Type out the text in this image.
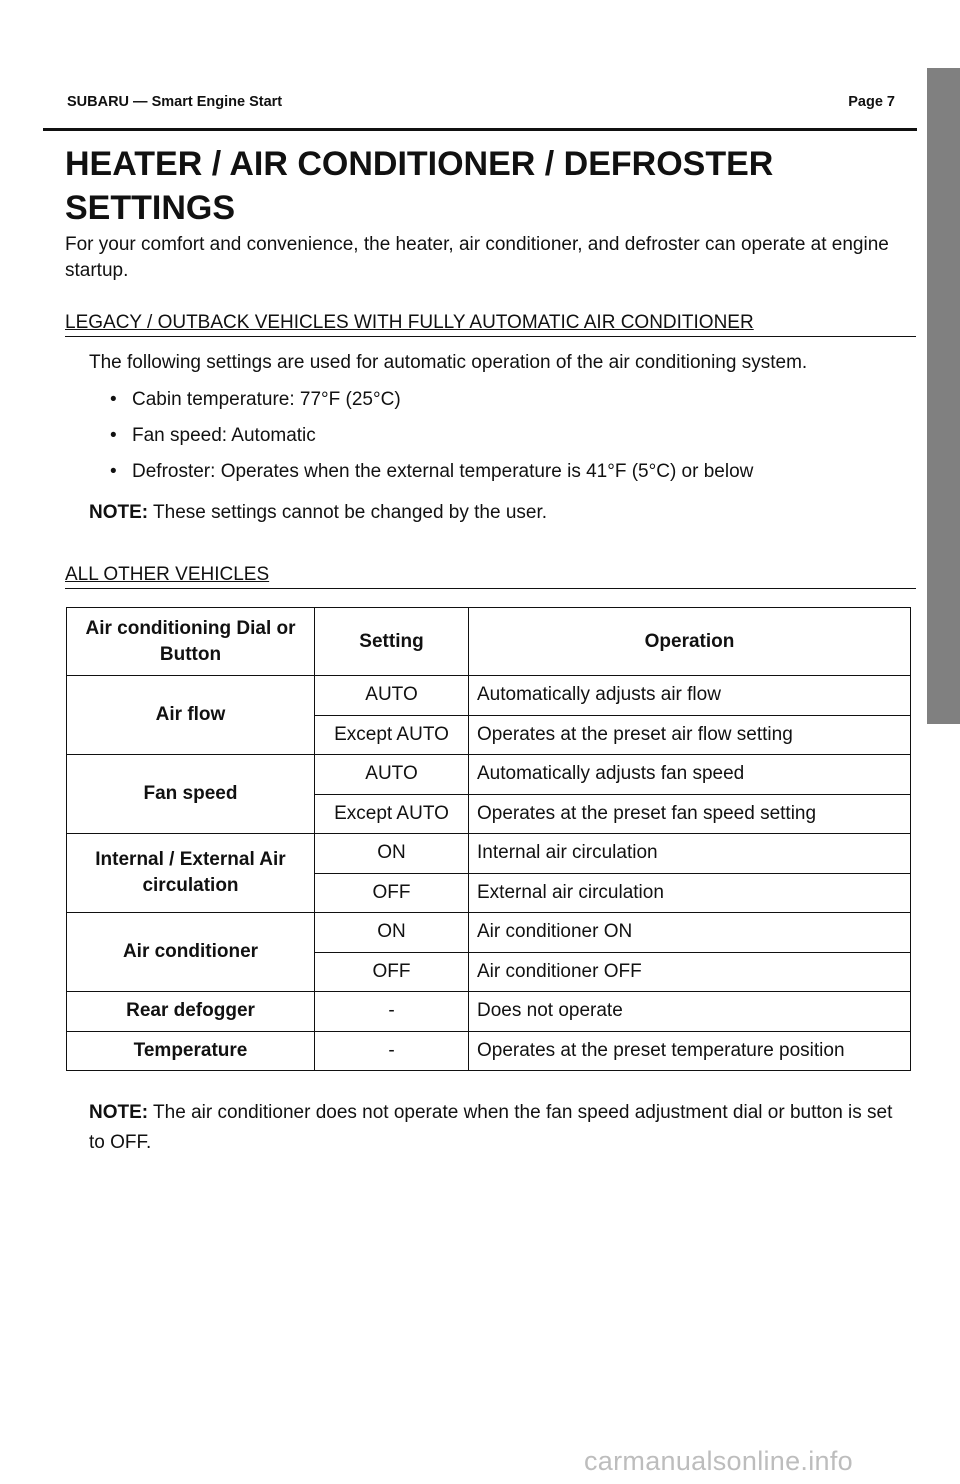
SUBARU — Smart Engine Start	Page 7
HEATER / AIR CONDITIONER / DEFROSTER SETTINGS

For your comfort and convenience, the heater, air conditioner, and defroster can operate at engine startup.

LEGACY / OUTBACK VEHICLES WITH FULLY AUTOMATIC AIR CONDITIONER

The following settings are used for automatic operation of the air conditioning system.

• Cabin temperature: 77°F (25°C)
• Fan speed: Automatic
• Defroster: Operates when the external temperature is 41°F (5°C) or below

NOTE: These settings cannot be changed by the user.

ALL OTHER VEHICLES
Air conditioning Dial or Button	Setting	Operation
Air flow	AUTO	Automatically adjusts air flow
	Except AUTO	Operates at the preset air flow setting
Fan speed	AUTO	Automatically adjusts fan speed
	Except AUTO	Operates at the preset fan speed setting
Internal / External Air circulation	ON	Internal air circulation
	OFF	External air circulation
Air conditioner	ON	Air conditioner ON
	OFF	Air conditioner OFF
Rear defogger	-	Does not operate
Temperature	-	Operates at the preset temperature position

NOTE: The air conditioner does not operate when the fan speed adjustment dial or button is set to OFF.

carmanualsonline.info
